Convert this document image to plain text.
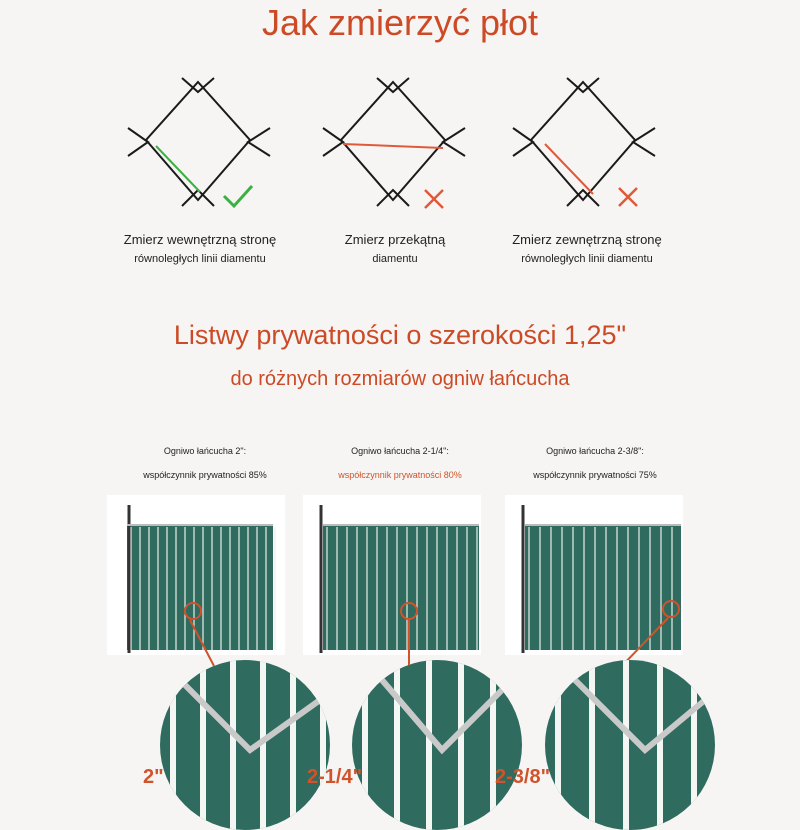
Jak zmierzyć płot
Zmierz wewnętrzną stronę
równoległych linii diamentu
Zmierz przekątną
diamentu
Zmierz zewnętrzną stronę
równoległych linii diamentu
Listwy prywatności o szerokości 1,25"
do różnych rozmiarów ogniw łańcucha
Ogniwo łańcucha 2":
współczynnik prywatności 85%
Ogniwo łańcucha 2-1/4":
współczynnik prywatności 80%
Ogniwo łańcucha 2-3/8":
współczynnik prywatności 75%
2"	2-1/4"	2-3/8"
